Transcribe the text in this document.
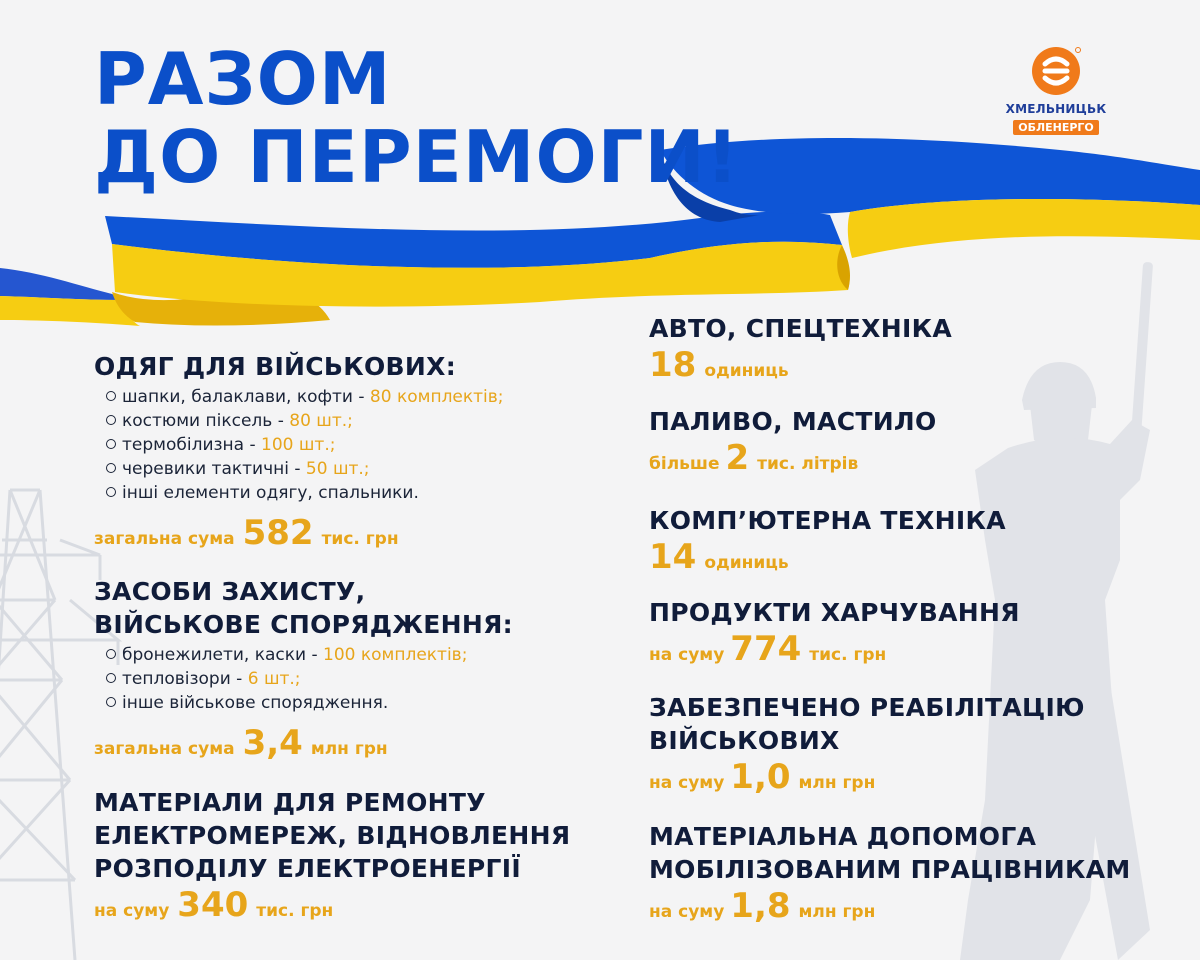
ХМЕЛЬНИЦЬК
ОБЛЕНЕРГО
РАЗОМ
ДО ПЕРЕМОГИ!
ОДЯГ ДЛЯ ВІЙСЬКОВИХ:
шапки, балаклави, кофти - 80 комплектів;
костюми піксель - 80 шт.;
термобілизна - 100 шт.;
черевики тактичні - 50 шт.;
інші елементи одягу, спальники.
загальна сума 582 тис. грн
ЗАСОБИ ЗАХИСТУ,
ВІЙСЬКОВЕ СПОРЯДЖЕННЯ:
бронежилети, каски - 100 комплектів;
тепловізори - 6 шт.;
інше військове спорядження.
загальна сума 3,4 млн грн
МАТЕРІАЛИ ДЛЯ РЕМОНТУ
ЕЛЕКТРОМЕРЕЖ, ВІДНОВЛЕННЯ
РОЗПОДІЛУ ЕЛЕКТРОЕНЕРГІЇ
на суму 340 тис. грн
АВТО, СПЕЦТЕХНІКА
18 одиниць
ПАЛИВО, МАСТИЛО
більше 2 тис. літрів
КОМП’ЮТЕРНА ТЕХНІКА
14 одиниць
ПРОДУКТИ ХАРЧУВАННЯ
на суму 774 тис. грн
ЗАБЕЗПЕЧЕНО РЕАБІЛІТАЦІЮ
ВІЙСЬКОВИХ
на суму 1,0 млн грн
МАТЕРІАЛЬНА ДОПОМОГА
МОБІЛІЗОВАНИМ ПРАЦІВНИКАМ
на суму 1,8 млн грн
